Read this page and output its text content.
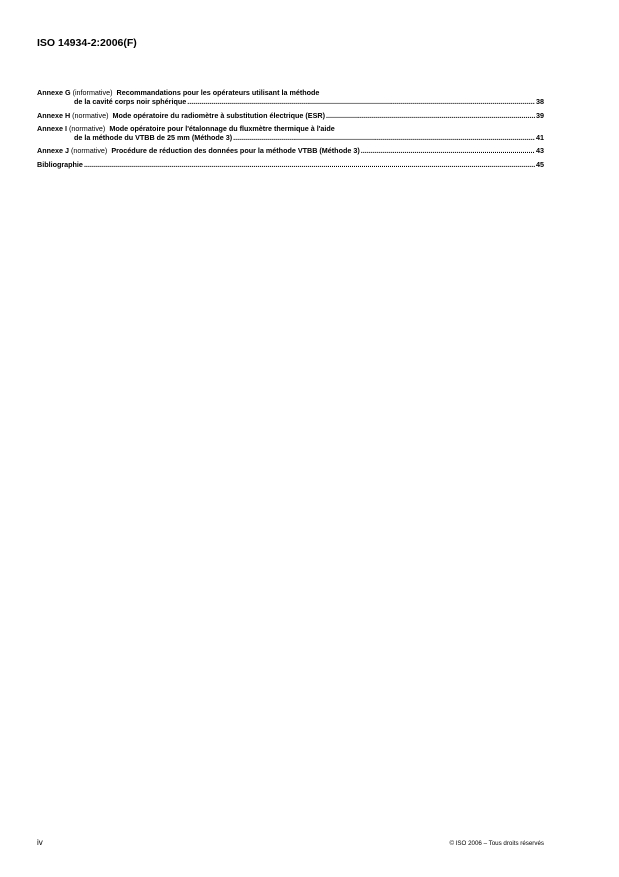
ISO 14934-2:2006(F)
Annexe G (informative) Recommandations pour les opérateurs utilisant la méthode
de la cavité corps noir sphérique .....	38
Annexe H
(normative)
Mode opératoire du radiomètre à substitution électrique (ESR) .....	39
Annexe I (normative) Mode opératoire pour l'étalonnage du fluxmètre thermique à l'aide
de la méthode du VTBB de 25 mm (Méthode 3) .....	41
Annexe J
(normative)
Procédure de réduction des données pour la méthode VTBB (Méthode 3) .....	43
Bibliographie .....	45
iv	© ISO 2006 – Tous droits réservés
